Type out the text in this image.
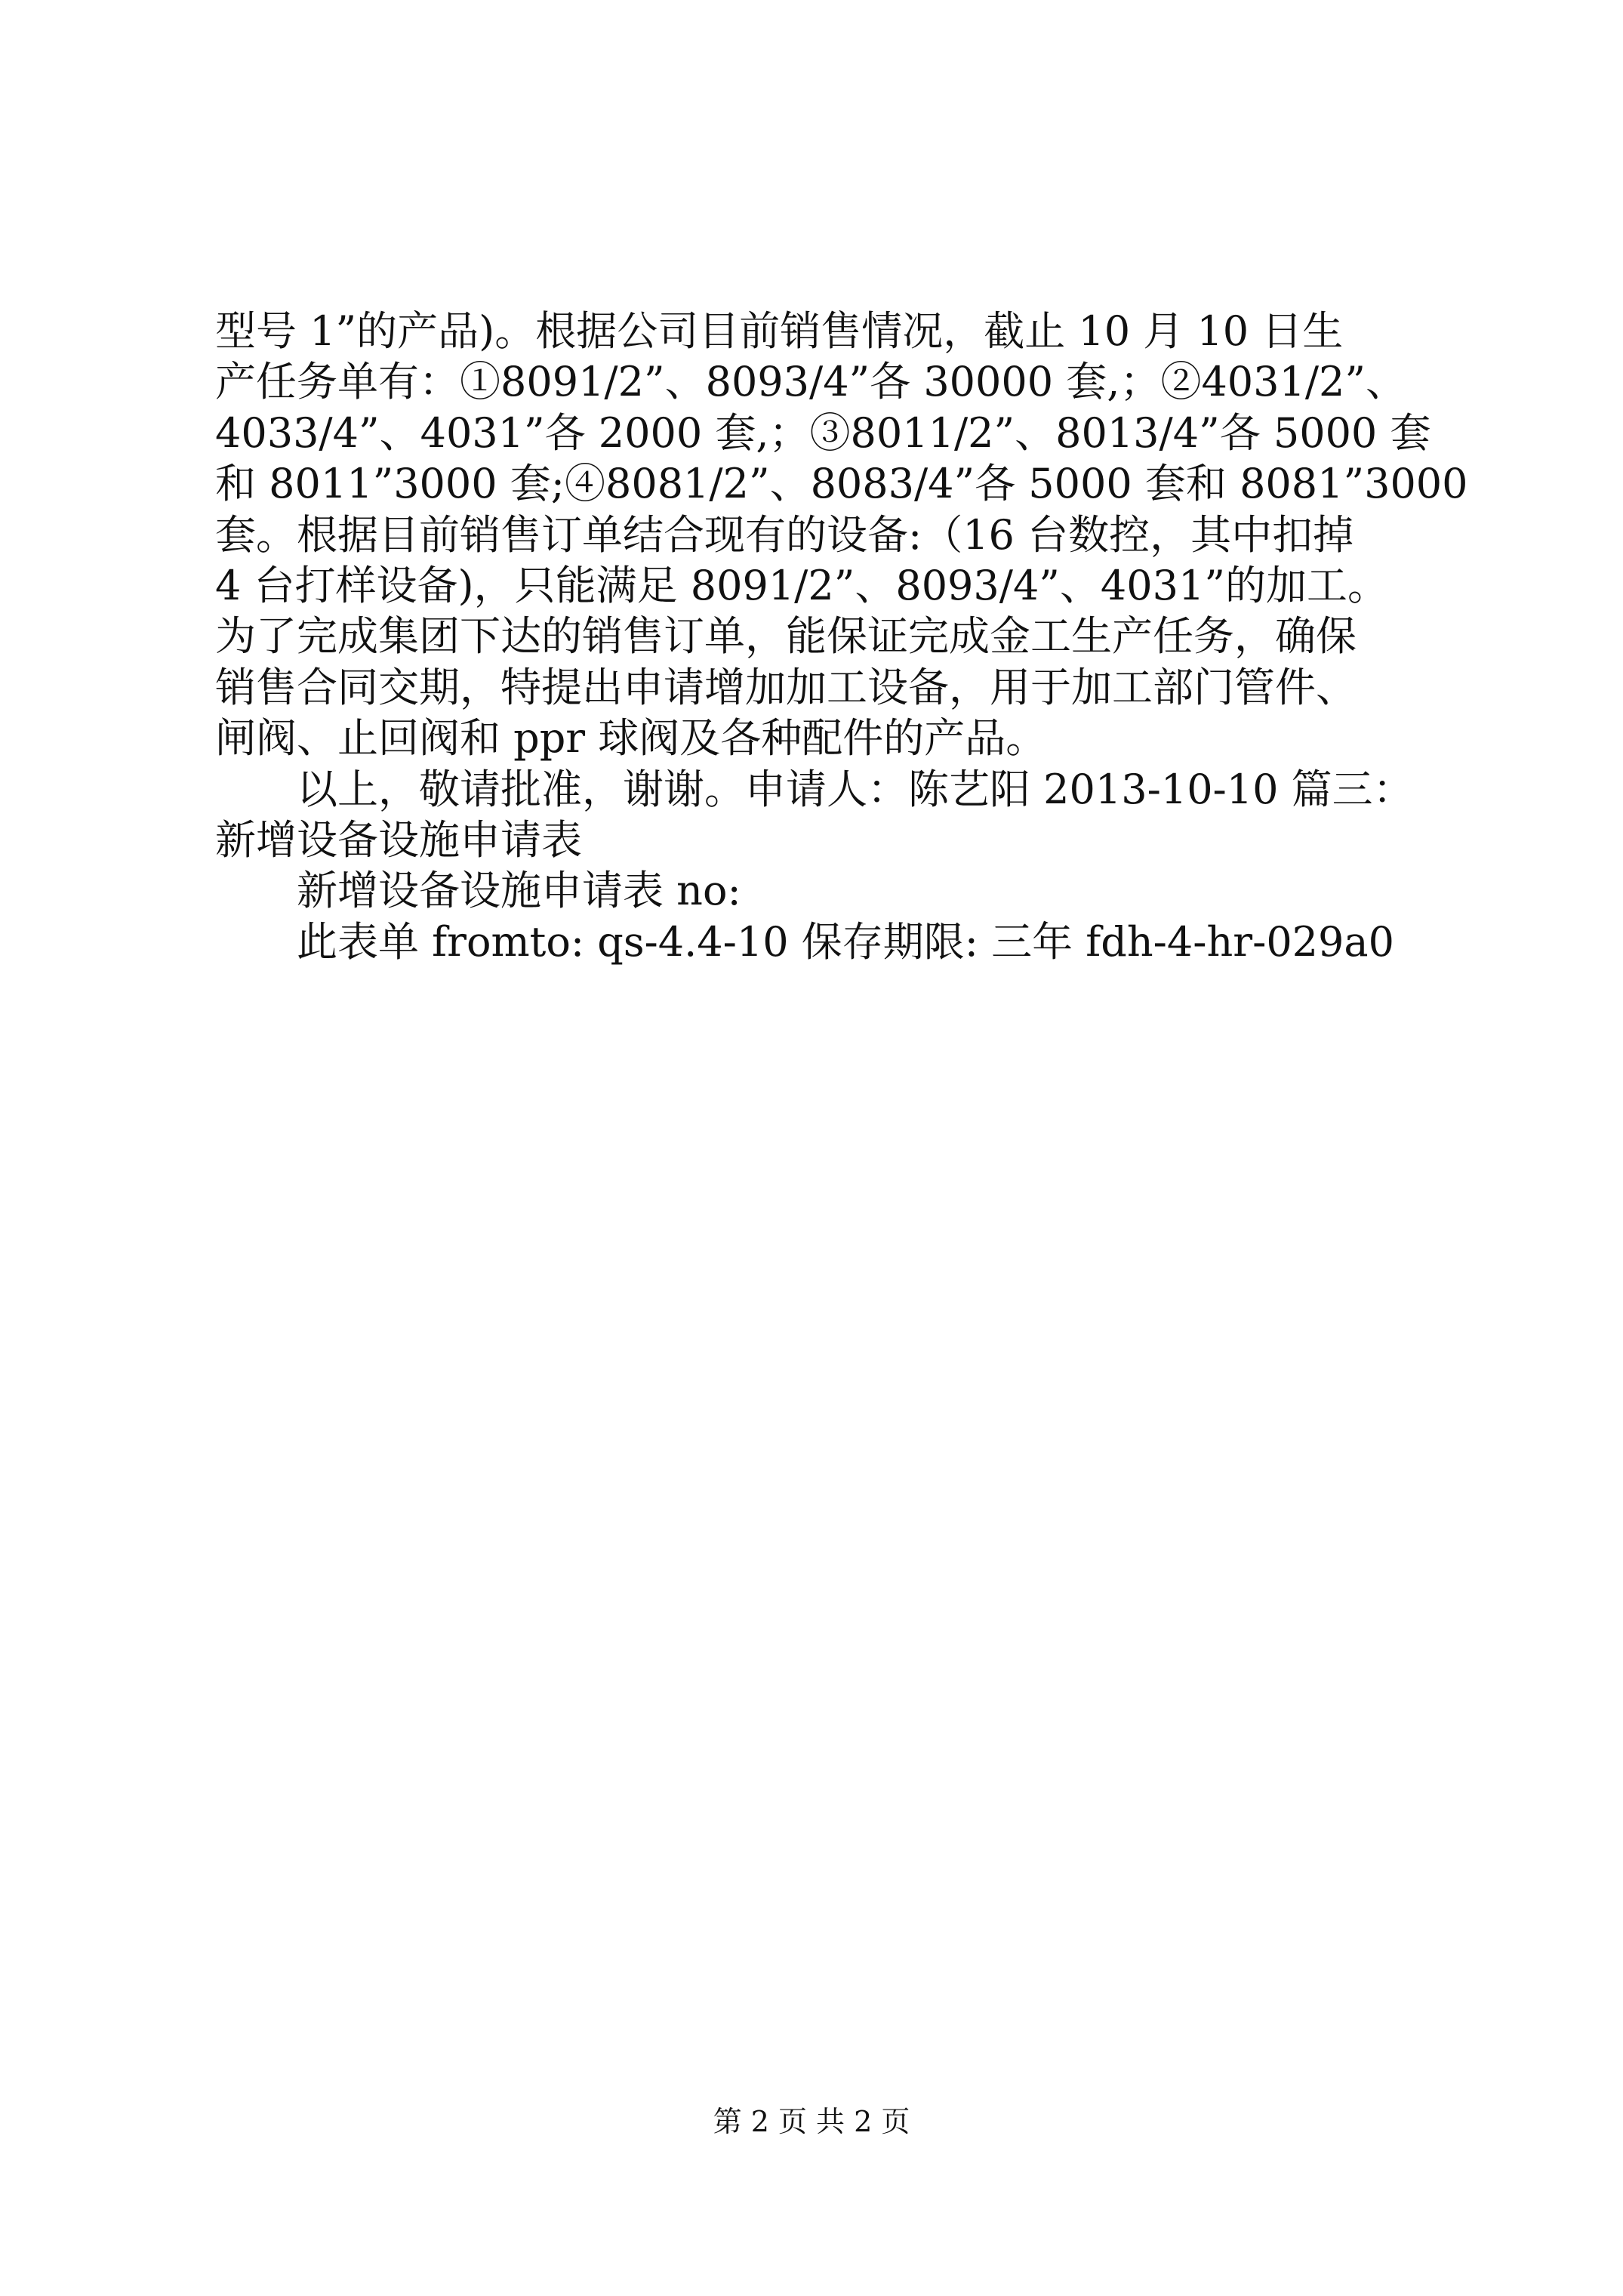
型号 1”的产品)。根据公司目前销售情况，截止 10 月 10 日生
产任务单有：①8091/2”、8093/4”各 30000 套,；②4031/2”、
4033/4”、4031”各 2000 套,；③8011/2”、8013/4”各 5000 套
和 8011”3000 套;④8081/2”、8083/4”各 5000 套和 8081”3000
套。根据目前销售订单结合现有的设备:（16 台数控，其中扣掉
4 台打样设备)，只能满足 8091/2”、8093/4”、4031”的加工。
为了完成集团下达的销售订单，能保证完成金工生产任务，确保
销售合同交期，特提出申请增加加工设备，用于加工部门管件、
闸阀、止回阀和 ppr 球阀及各种配件的产品。
　　以上，敬请批准，谢谢。申请人：陈艺阳 2013-10-10 篇三：
新增设备设施申请表
　　新增设备设施申请表 no:
　　此表单 fromto: qs-4.4-10 保存期限: 三年 fdh-4-hr-029a0
第 2 页 共 2 页
